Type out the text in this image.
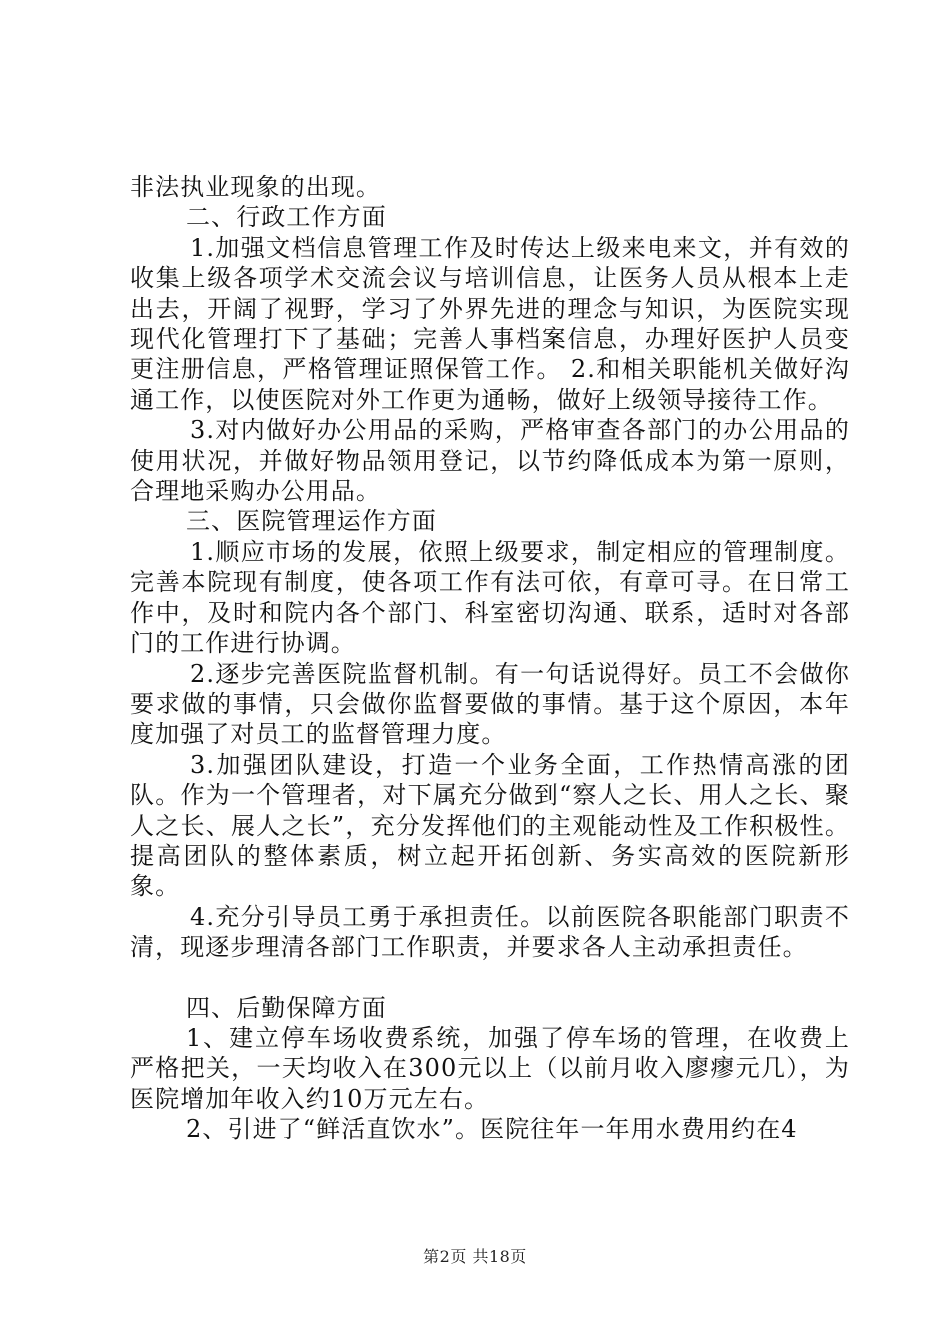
非法执业现象的出现。

二、行政工作方面

1.加强文档信息管理工作及时传达上级来电来文，并有效的收集上级各项学术交流会议与培训信息，让医务人员从根本上走出去，开阔了视野，学习了外界先进的理念与知识，为医院实现现代化管理打下了基础；完善人事档案信息，办理好医护人员变更注册信息，严格管理证照保管工作。 2.和相关职能机关做好沟通工作，以使医院对外工作更为通畅，做好上级领导接待工作。

3.对内做好办公用品的采购，严格审查各部门的办公用品的使用状况，并做好物品领用登记，以节约降低成本为第一原则，合理地采购办公用品。

三、医院管理运作方面

1.顺应市场的发展，依照上级要求，制定相应的管理制度。完善本院现有制度，使各项工作有法可依，有章可寻。在日常工作中，及时和院内各个部门、科室密切沟通、联系，适时对各部门的工作进行协调。

2.逐步完善医院监督机制。有一句话说得好。员工不会做你要求做的事情，只会做你监督要做的事情。基于这个原因，本年度加强了对员工的监督管理力度。

3.加强团队建设，打造一个业务全面，工作热情高涨的团队。作为一个管理者，对下属充分做到“察人之长、用人之长、聚人之长、展人之长”，充分发挥他们的主观能动性及工作积极性。提高团队的整体素质，树立起开拓创新、务实高效的医院新形象。

4.充分引导员工勇于承担责任。以前医院各职能部门职责不清，现逐步理清各部门工作职责，并要求各人主动承担责任。

四、后勤保障方面

1、建立停车场收费系统，加强了停车场的管理，在收费上严格把关，一天均收入在300元以上（以前月收入廖瘳元几），为医院增加年收入约10万元左右。

2、引进了“鲜活直饮水”。医院往年一年用水费用约在4

第2页 共18页
